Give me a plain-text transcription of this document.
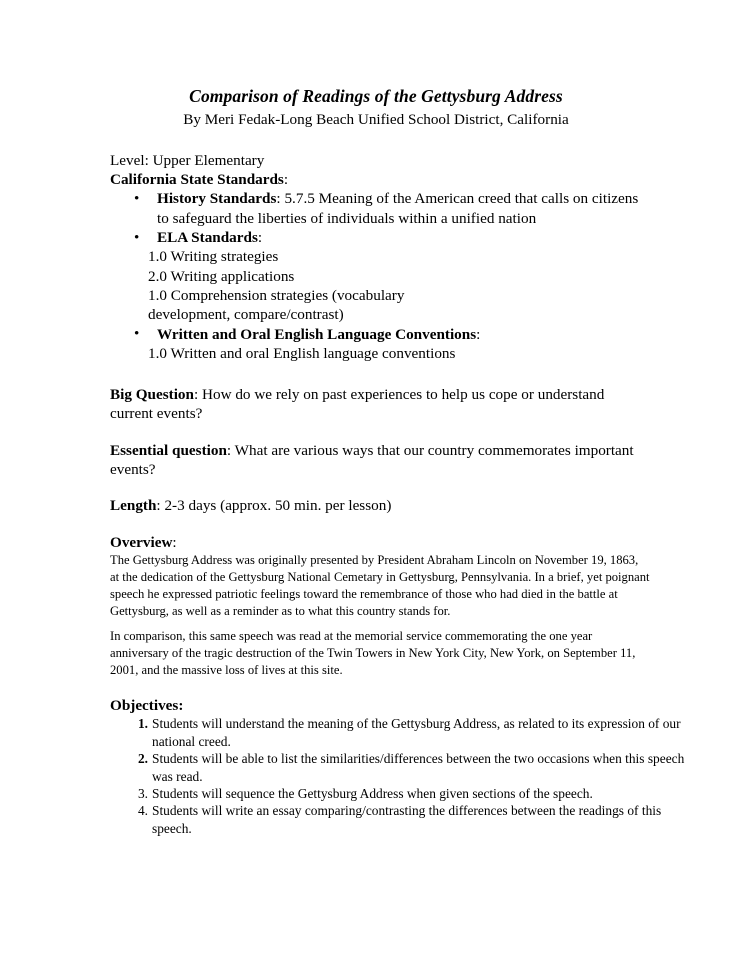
Comparison of Readings of the Gettysburg Address
By Meri Fedak-Long Beach Unified School District, California
Level: Upper Elementary
California State Standards:
• History Standards: 5.7.5 Meaning of the American creed that calls on citizens to safeguard the liberties of individuals within a unified nation
• ELA Standards:
1.0 Writing strategies
2.0 Writing applications
1.0 Comprehension strategies (vocabulary
development, compare/contrast)
• Written and Oral English Language Conventions:
1.0 Written and oral English language conventions
Big Question: How do we rely on past experiences to help us cope or understand current events?
Essential question: What are various ways that our country commemorates important events?
Length: 2-3 days (approx. 50 min. per lesson)
Overview:

The Gettysburg Address was originally presented by President Abraham Lincoln on November 19, 1863, at the dedication of the Gettysburg National Cemetary in Gettysburg, Pennsylvania. In a brief, yet poignant speech he expressed patriotic feelings toward the remembrance of those who had died in the battle at Gettysburg, as well as a reminder as to what this country stands for.

In comparison, this same speech was read at the memorial service commemorating the one year anniversary of the tragic destruction of the Twin Towers in New York City, New York, on September 11, 2001, and the massive loss of lives at this site.

Objectives:
1. Students will understand the meaning of the Gettysburg Address, as related to its expression of our national creed.
2. Students will be able to list the similarities/differences between the two occasions when this speech was read.
3. Students will sequence the Gettysburg Address when given sections of the speech.
4. Students will write an essay comparing/contrasting the differences between the readings of this speech.
